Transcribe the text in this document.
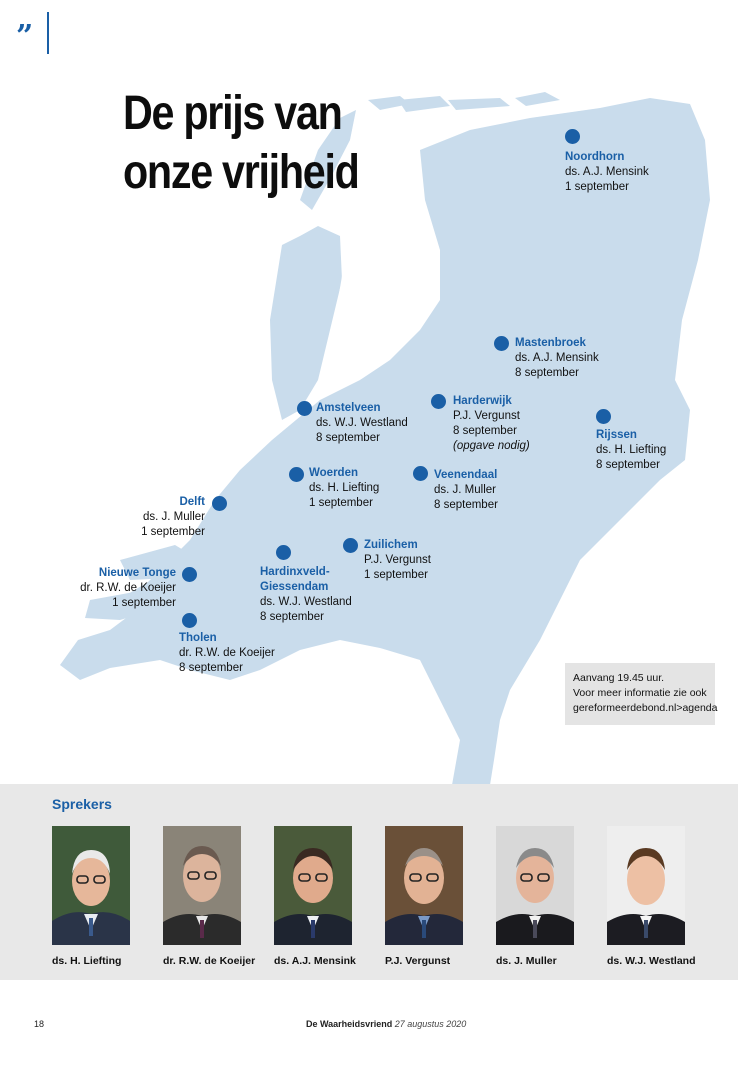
”
De prijs van
onze vrijheid	Noordhorn
ds. A.J. Mensink
1 september
Mastenbroek
ds. A.J. Mensink
8 september
Harderwijk
P.J. Vergunst
8 september
(opgave nodig)
Rijssen
ds. H. Liefting
8 september
Amstelveen
ds. W.J. Westland
8 september
Woerden
ds. H. Liefting
1 september
Veenendaal
ds. J. Muller
8 september
Delft
ds. J. Muller
1 september
Zuilichem
P.J. Vergunst
1 september
Hardinxveld-
Giessendam
ds. W.J. Westland
8 september
Nieuwe Tonge
dr. R.W. de Koeijer
1 september
Tholen
dr. R.W. de Koeijer
8 september
Aanvang 19.45 uur.
Voor meer informatie zie ook
gereformeerdebond.nl>agenda
Sprekers
ds. H. Liefting	dr. R.W. de Koeijer ds. A.J. Mensink	P.J. Vergunst	ds. J. Muller	ds. W.J. Westland
18	De Waarheidsvriend 27 augustus 2020
